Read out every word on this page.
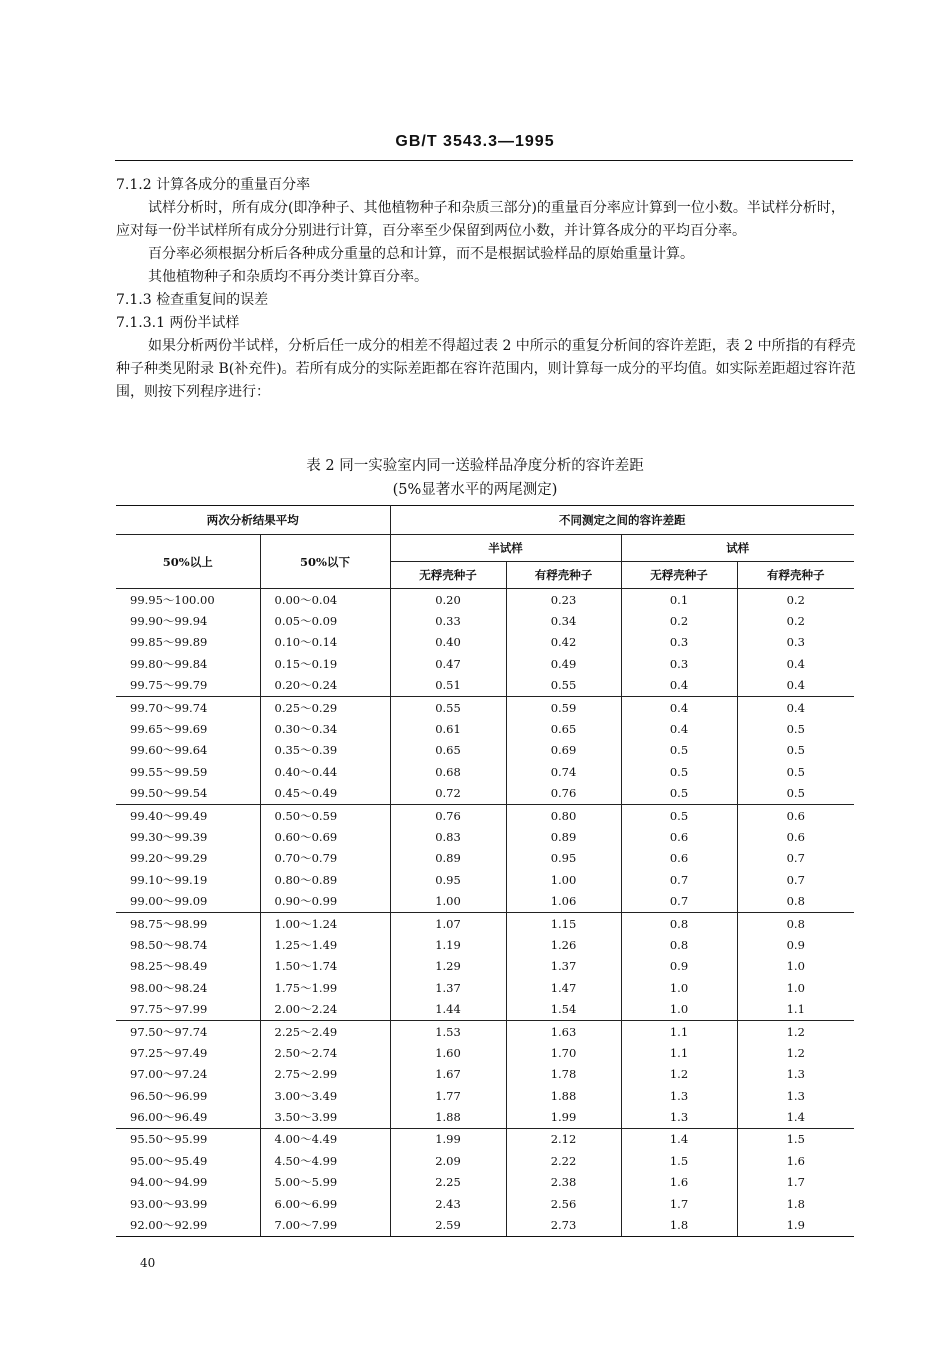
GB/T 3543.3—1995

7.1.2 计算各成分的重量百分率

试样分析时，所有成分(即净种子、其他植物种子和杂质三部分)的重量百分率应计算到一位小数。半试样分析时，应对每一份半试样所有成分分别进行计算，百分率至少保留到两位小数，并计算各成分的平均百分率。

百分率必须根据分析后各种成分重量的总和计算，而不是根据试验样品的原始重量计算。

其他植物种子和杂质均不再分类计算百分率。

7.1.3 检查重复间的误差

7.1.3.1 两份半试样

如果分析两份半试样，分析后任一成分的相差不得超过表 2 中所示的重复分析间的容许差距，表 2 中所指的有稃壳种子种类见附录 B(补充件)。若所有成分的实际差距都在容许范围内，则计算每一成分的平均值。如实际差距超过容许范围，则按下列程序进行：

表 2 同一实验室内同一送验样品净度分析的容许差距
(5%显著水平的两尾测定)
两次分析结果平均		不同测定之间的容许差距			
50%以上	50%以下	半试样		试样	
		无稃壳种子	有稃壳种子	无稃壳种子	有稃壳种子
99.95～100.00	0.00～0.04	0.20	0.23	0.1	0.2
99.90～99.94	0.05～0.09	0.33	0.34	0.2	0.2
99.85～99.89	0.10～0.14	0.40	0.42	0.3	0.3
99.80～99.84	0.15～0.19	0.47	0.49	0.3	0.4
99.75～99.79	0.20～0.24	0.51	0.55	0.4	0.4
99.70～99.74	0.25～0.29	0.55	0.59	0.4	0.4
99.65～99.69	0.30～0.34	0.61	0.65	0.4	0.5
99.60～99.64	0.35～0.39	0.65	0.69	0.5	0.5
99.55～99.59	0.40～0.44	0.68	0.74	0.5	0.5
99.50～99.54	0.45～0.49	0.72	0.76	0.5	0.5
99.40～99.49	0.50～0.59	0.76	0.80	0.5	0.6
99.30～99.39	0.60～0.69	0.83	0.89	0.6	0.6
99.20～99.29	0.70～0.79	0.89	0.95	0.6	0.7
99.10～99.19	0.80～0.89	0.95	1.00	0.7	0.7
99.00～99.09	0.90～0.99	1.00	1.06	0.7	0.8
98.75～98.99	1.00～1.24	1.07	1.15	0.8	0.8
98.50～98.74	1.25～1.49	1.19	1.26	0.8	0.9
98.25～98.49	1.50～1.74	1.29	1.37	0.9	1.0
98.00～98.24	1.75～1.99	1.37	1.47	1.0	1.0
97.75～97.99	2.00～2.24	1.44	1.54	1.0	1.1
97.50～97.74	2.25～2.49	1.53	1.63	1.1	1.2
97.25～97.49	2.50～2.74	1.60	1.70	1.1	1.2
97.00～97.24	2.75～2.99	1.67	1.78	1.2	1.3
96.50～96.99	3.00～3.49	1.77	1.88	1.3	1.3
96.00～96.49	3.50～3.99	1.88	1.99	1.3	1.4
95.50～95.99	4.00～4.49	1.99	2.12	1.4	1.5
95.00～95.49	4.50～4.99	2.09	2.22	1.5	1.6
94.00～94.99	5.00～5.99	2.25	2.38	1.6	1.7
93.00～93.99	6.00～6.99	2.43	2.56	1.7	1.8
92.00～92.99	7.00～7.99	2.59	2.73	1.8	1.9
40
